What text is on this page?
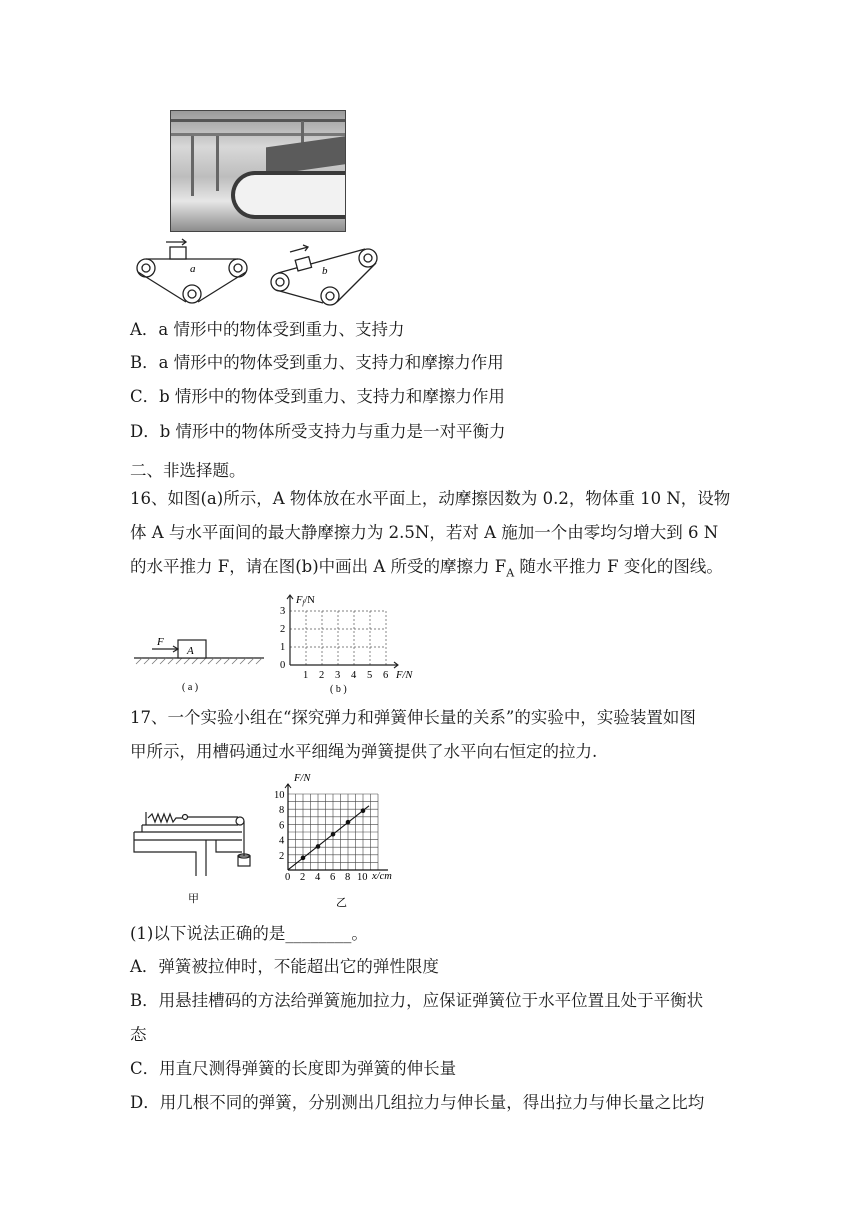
a	b
A．a 情形中的物体受到重力、支持力
B．a 情形中的物体受到重力、支持力和摩擦力作用
C．b 情形中的物体受到重力、支持力和摩擦力作用
D．b 情形中的物体所受支持力与重力是一对平衡力
二、非选择题。
16、如图(a)所示，A 物体放在水平面上，动摩擦因数为 0.2，物体重 10 N，设物
体 A 与水平面间的最大静摩擦力为 2.5N，若对 A 施加一个由零均匀增大到 6 N
的水平推力 F，请在图(b)中画出 A 所受的摩擦力 $F_A$ 随水平推力 F 变化的图线。
F
A
( a )
Ff/N
3
2
1
0
1 2 3 4 5 6 F/N
( b )
17、一个实验小组在“探究弹力和弹簧伸长量的关系”的实验中，实验装置如图
甲所示，用槽码通过水平细绳为弹簧提供了水平向右恒定的拉力.
甲
0 2 4 6 8 10
2
4
6
8
10
F/N
x/cm
乙
(1)以下说法正确的是________。
A．弹簧被拉伸时，不能超出它的弹性限度
B．用悬挂槽码的方法给弹簧施加拉力，应保证弹簧位于水平位置且处于平衡状
态
C．用直尺测得弹簧的长度即为弹簧的伸长量
D．用几根不同的弹簧，分别测出几组拉力与伸长量，得出拉力与伸长量之比均
